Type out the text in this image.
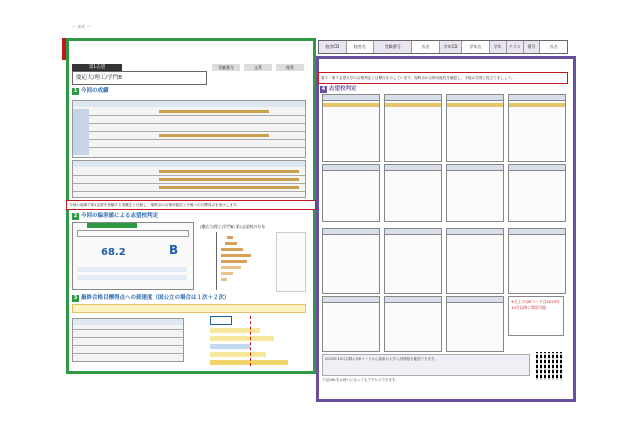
― 東進 ―
校舎CD	校舎名	受験番号	氏名	学年CD	学年名	学年	クラス	番号	氏名
第1志望
慶応大/理工/学門B
受験番号	文系	理系
1 今回の成績
今回の成績で第1志望を受験する受験生と比較し、現時点の合格可能性と今後への目標得点を表示します。
2 今回の偏差値による志望校判定
68.2	B
(慶応大/理工/学門B) 第1志望校の分布
3 最終合格目標得点への到達度（国公立の場合は１次＋２次）
第２・第３志望大学の合格判定と目標点を示しています。現時点の合格可能性を確認し、今後の学習に役立てましょう。
4 志望校判定
※左上のQRコードは2020年10月以降に利用可能
2020年10月以降にQRコードから最新の大学入試情報を確認できます。
下記URLをお使いになってもアクセスできます。
